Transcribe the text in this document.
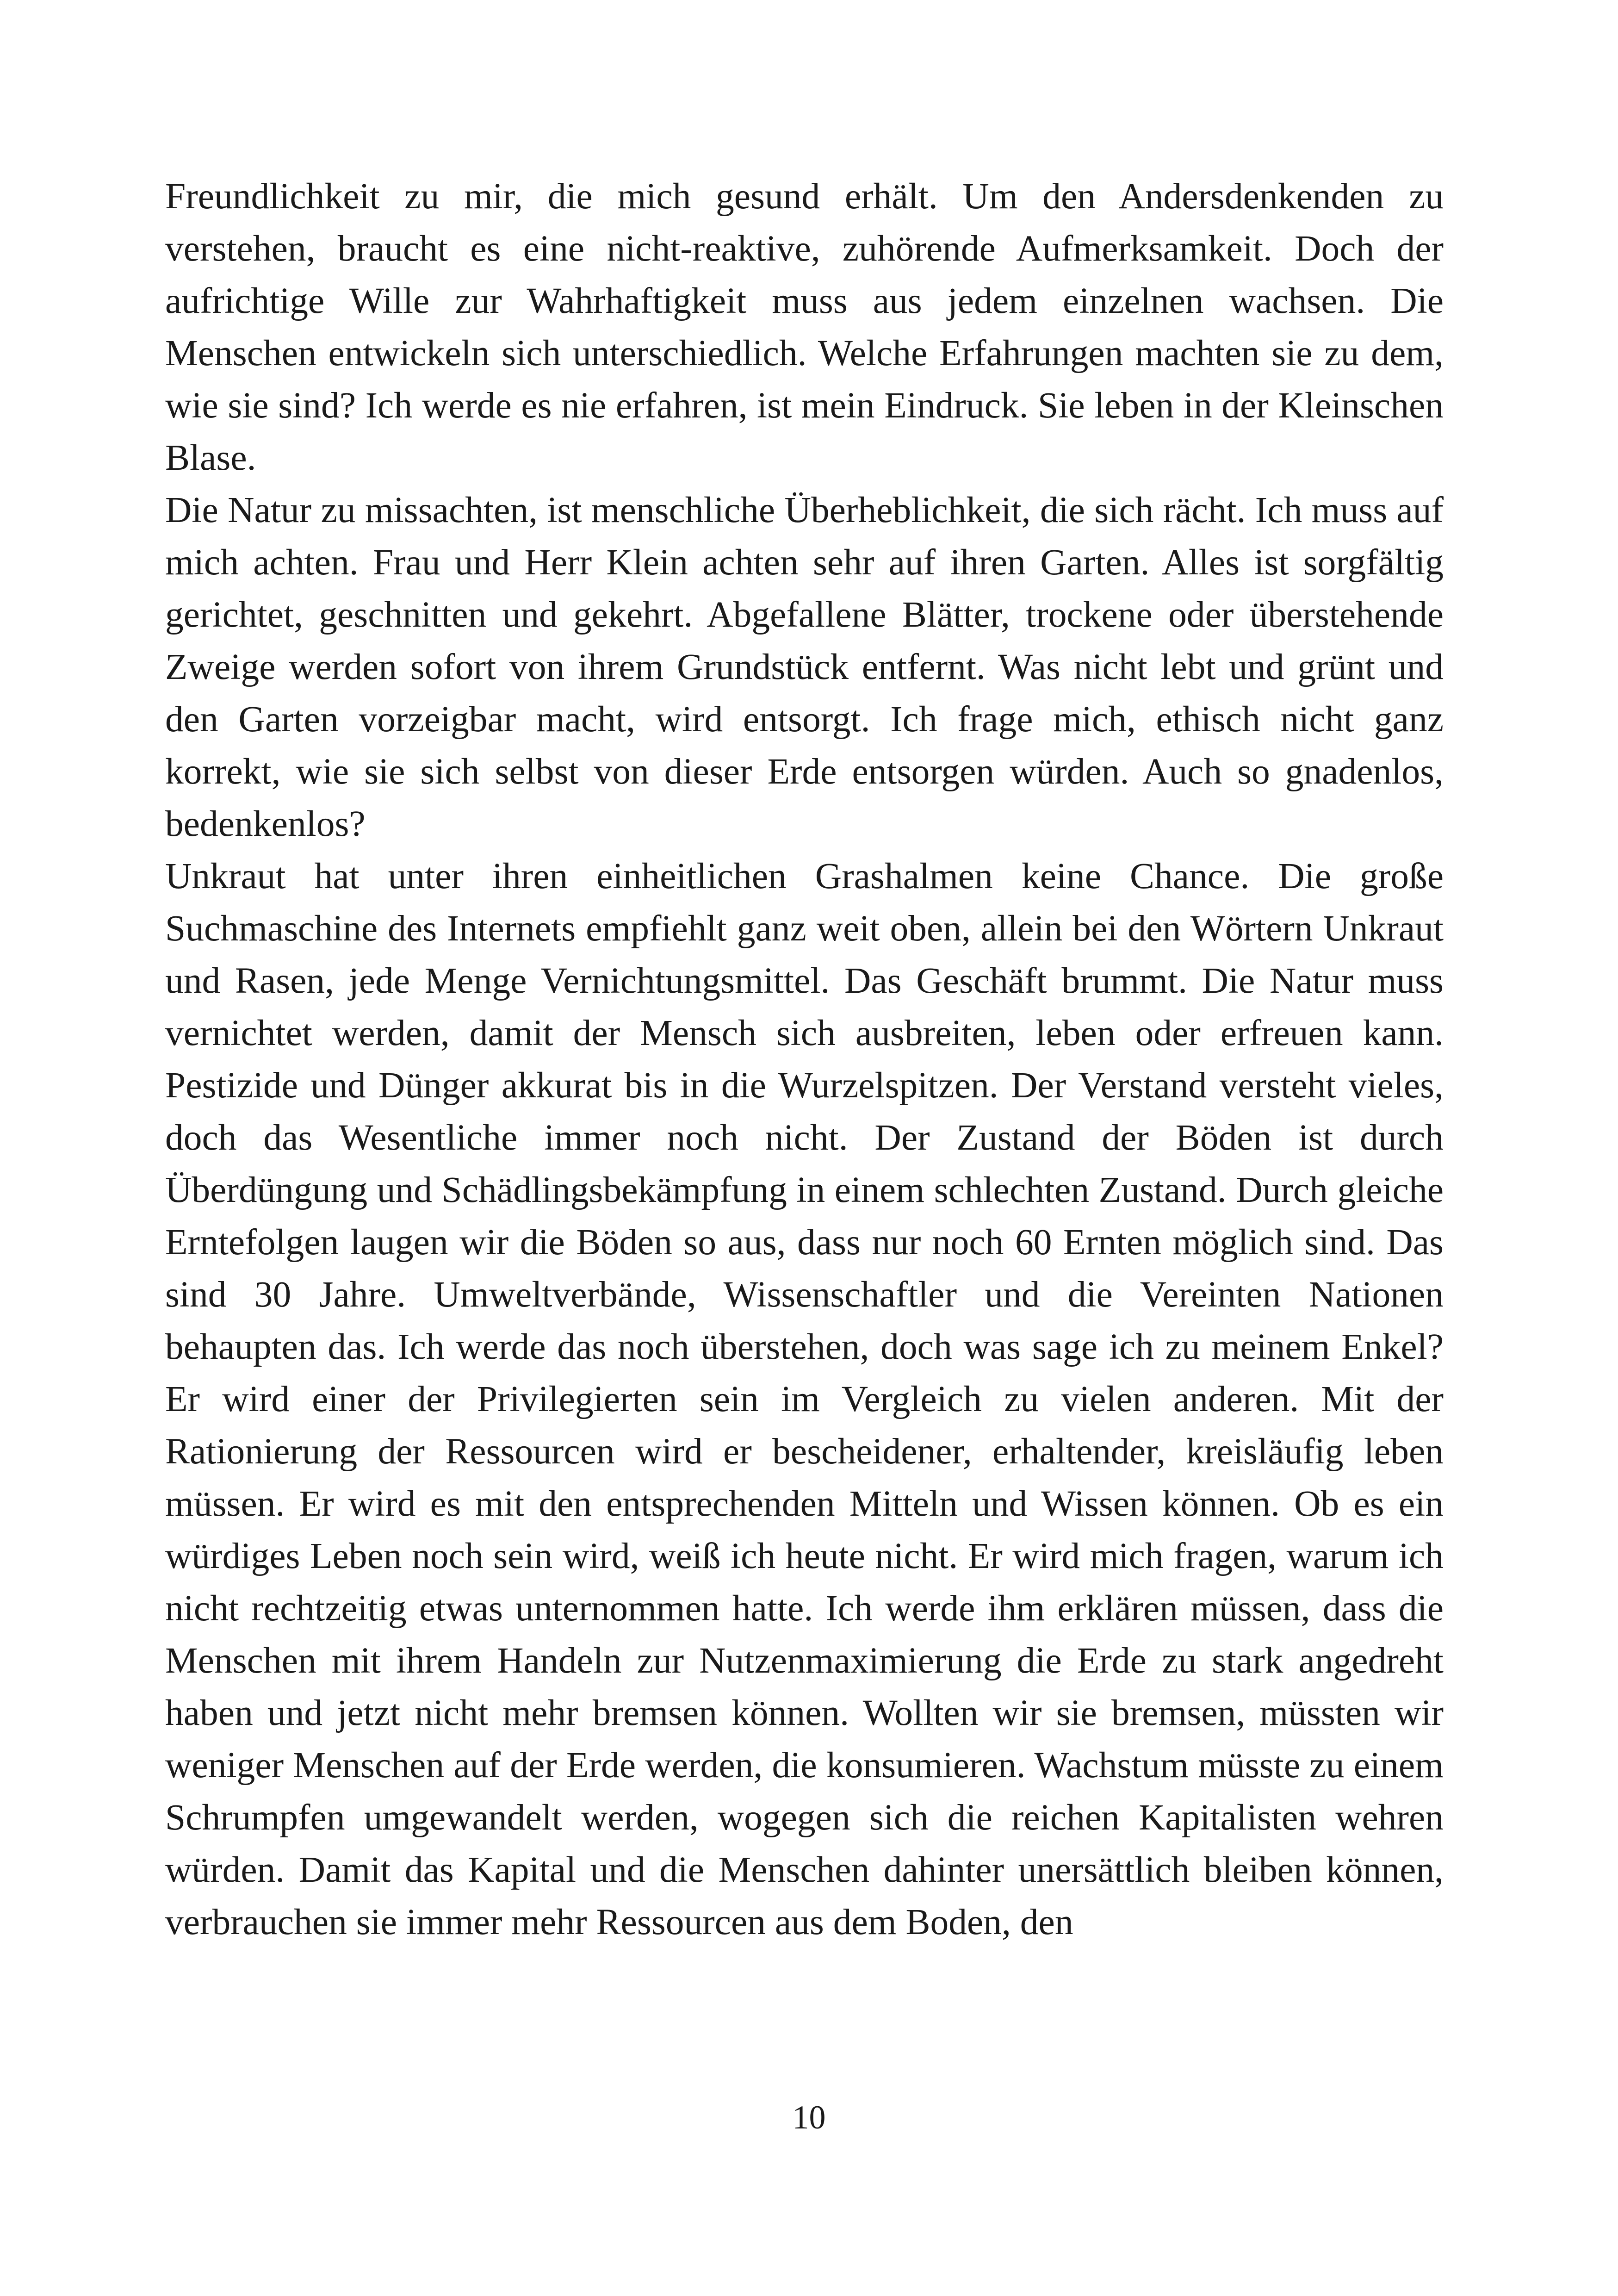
Freundlichkeit zu mir, die mich gesund erhält. Um den Andersdenkenden zu verstehen, braucht es eine nicht-reaktive, zuhörende Aufmerksamkeit. Doch der aufrichtige Wille zur Wahrhaftigkeit muss aus jedem einzelnen wachsen. Die Menschen entwickeln sich unterschiedlich. Welche Erfahrungen machten sie zu dem, wie sie sind? Ich werde es nie erfahren, ist mein Eindruck. Sie leben in der Kleinschen Blase.

Die Natur zu missachten, ist menschliche Überheblichkeit, die sich rächt. Ich muss auf mich achten. Frau und Herr Klein achten sehr auf ihren Garten. Alles ist sorgfältig gerichtet, geschnitten und gekehrt. Abgefallene Blätter, trockene oder überstehende Zweige werden sofort von ihrem Grundstück entfernt. Was nicht lebt und grünt und den Garten vorzeigbar macht, wird entsorgt. Ich frage mich, ethisch nicht ganz korrekt, wie sie sich selbst von dieser Erde entsorgen würden. Auch so gnadenlos, bedenkenlos?

Unkraut hat unter ihren einheitlichen Grashalmen keine Chance. Die große Suchmaschine des Internets empfiehlt ganz weit oben, allein bei den Wörtern Unkraut und Rasen, jede Menge Vernichtungsmittel. Das Geschäft brummt. Die Natur muss vernichtet werden, damit der Mensch sich ausbreiten, leben oder erfreuen kann. Pestizide und Dünger akkurat bis in die Wurzelspitzen. Der Verstand versteht vieles, doch das Wesentliche immer noch nicht. Der Zustand der Böden ist durch Überdüngung und Schädlingsbekämpfung in einem schlechten Zustand. Durch gleiche Erntefolgen laugen wir die Böden so aus, dass nur noch 60 Ernten möglich sind. Das sind 30 Jahre. Umweltverbände, Wissenschaftler und die Vereinten Nationen behaupten das. Ich werde das noch überstehen, doch was sage ich zu meinem Enkel? Er wird einer der Privilegierten sein im Vergleich zu vielen anderen. Mit der Rationierung der Ressourcen wird er bescheidener, erhaltender, kreisläufig leben müssen. Er wird es mit den entsprechenden Mitteln und Wissen können. Ob es ein würdiges Leben noch sein wird, weiß ich heute nicht. Er wird mich fragen, warum ich nicht rechtzeitig etwas unternommen hatte. Ich werde ihm erklären müssen, dass die Menschen mit ihrem Handeln zur Nutzenmaximierung die Erde zu stark angedreht haben und jetzt nicht mehr bremsen können. Wollten wir sie bremsen, müssten wir weniger Menschen auf der Erde werden, die konsumieren. Wachstum müsste zu einem Schrumpfen umgewandelt werden, wogegen sich die reichen Kapitalisten wehren würden. Damit das Kapital und die Menschen dahinter unersättlich bleiben können, verbrauchen sie immer mehr Ressourcen aus dem Boden, den

10
